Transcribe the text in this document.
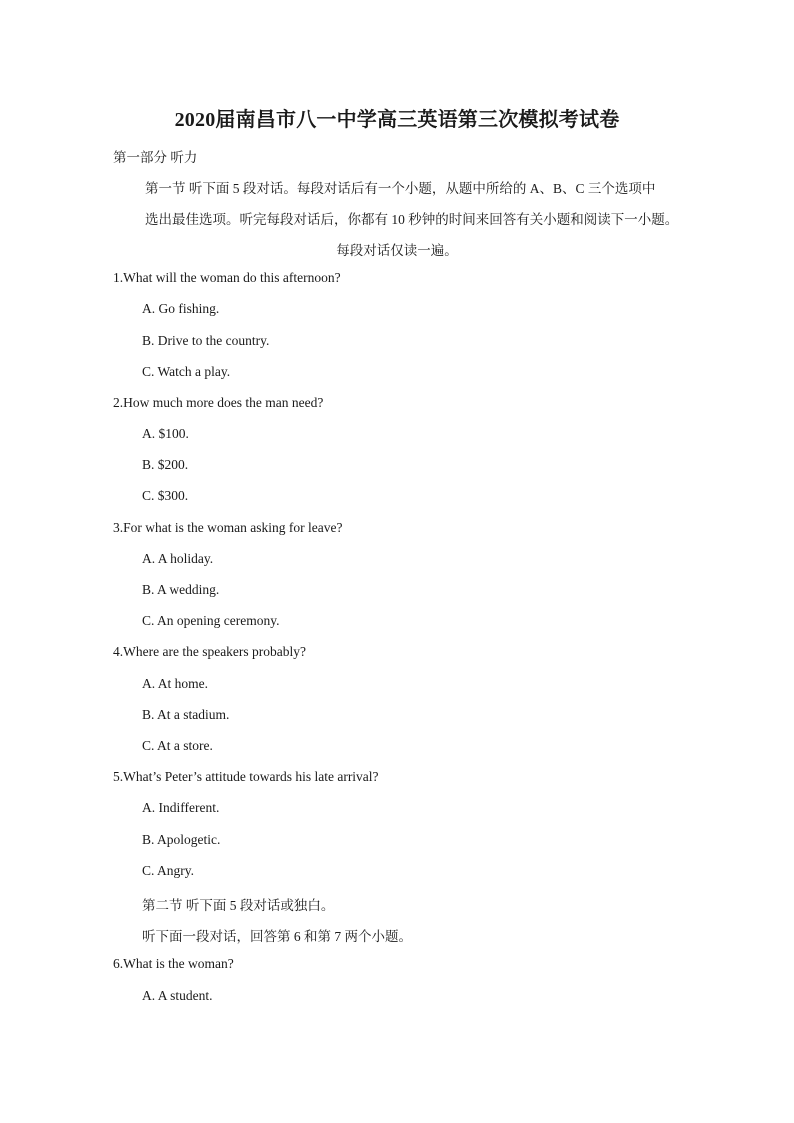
2020届南昌市八一中学高三英语第三次模拟考试卷
第一部分 听力
第一节 听下面 5 段对话。每段对话后有一个小题，从题中所给的 A、B、C 三个选项中
选出最佳选项。听完每段对话后，你都有 10 秒钟的时间来回答有关小题和阅读下一小题。
每段对话仅读一遍。
1.What will the woman do this afternoon?
A. Go fishing.
B. Drive to the country.
C. Watch a play.
2.How much more does the man need?
A. $100.
B. $200.
C. $300.
3.For what is the woman asking for leave?
A. A holiday.
B. A wedding.
C. An opening ceremony.
4.Where are the speakers probably?
A. At home.
B. At a stadium.
C. At a store.
5.What’s Peter’s attitude towards his late arrival?
A. Indifferent.
B. Apologetic.
C. Angry.
第二节 听下面 5 段对话或独白。
听下面一段对话，回答第 6 和第 7 两个小题。
6.What is the woman?
A. A student.
